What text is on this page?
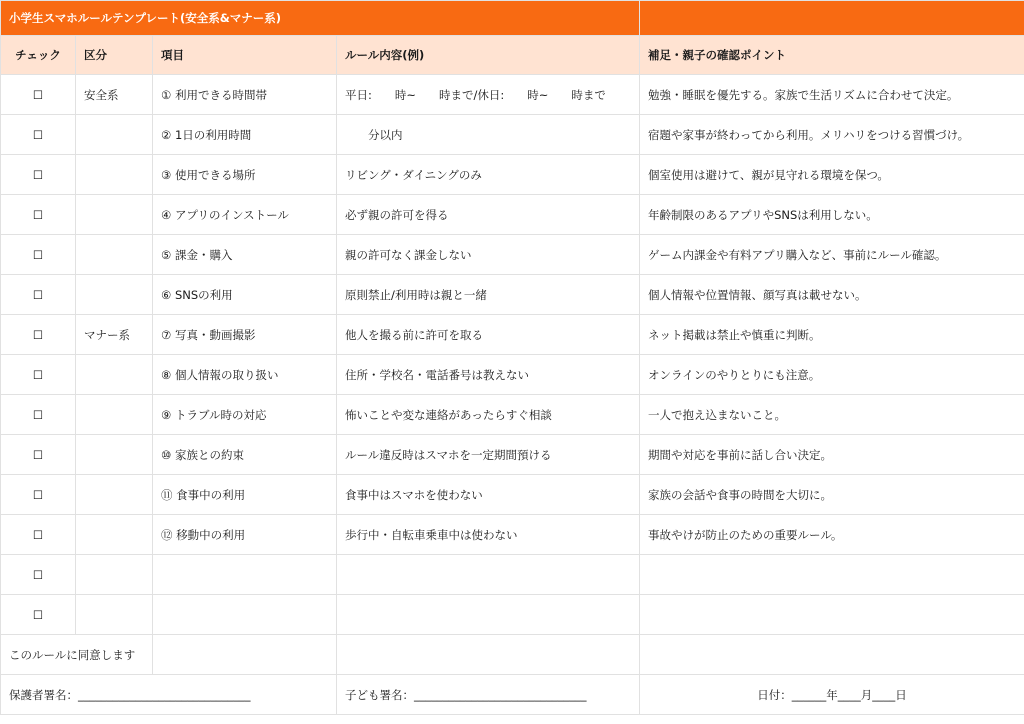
小学生スマホルールテンプレート(安全系&マナー系)				
チェック	区分	項目	ルール内容(例)	補足・親子の確認ポイント
☐	安全系	① 利用できる時間帯	平日:　　時~　　時まで/休日:　　時~　　時まで	勉強・睡眠を優先する。家族で生活リズムに合わせて決定。
☐		② 1日の利用時間	　　分以内	宿題や家事が終わってから利用。メリハリをつける習慣づけ。
☐		③ 使用できる場所	リビング・ダイニングのみ	個室使用は避けて、親が見守れる環境を保つ。
☐		④ アプリのインストール	必ず親の許可を得る	年齢制限のあるアプリやSNSは利用しない。
☐		⑤ 課金・購入	親の許可なく課金しない	ゲーム内課金や有料アプリ購入など、事前にルール確認。
☐		⑥ SNSの利用	原則禁止/利用時は親と一緒	個人情報や位置情報、顔写真は載せない。
☐	マナー系	⑦ 写真・動画撮影	他人を撮る前に許可を取る	ネット掲載は禁止や慎重に判断。
☐		⑧ 個人情報の取り扱い	住所・学校名・電話番号は教えない	オンラインのやりとりにも注意。
☐		⑨ トラブル時の対応	怖いことや変な連絡があったらすぐ相談	一人で抱え込まないこと。
☐		⑩ 家族との約束	ルール違反時はスマホを一定期間預ける	期間や対応を事前に話し合い決定。
☐		⑪ 食事中の利用	食事中はスマホを使わない	家族の会話や食事の時間を大切に。
☐		⑫ 移動中の利用	歩行中・自転車乗車中は使わない	事故やけが防止のための重要ルール。
☐				
☐				
このルールに同意します				
保護者署名：______________________________			子ども署名：______________________________	日付：______年____月____日
